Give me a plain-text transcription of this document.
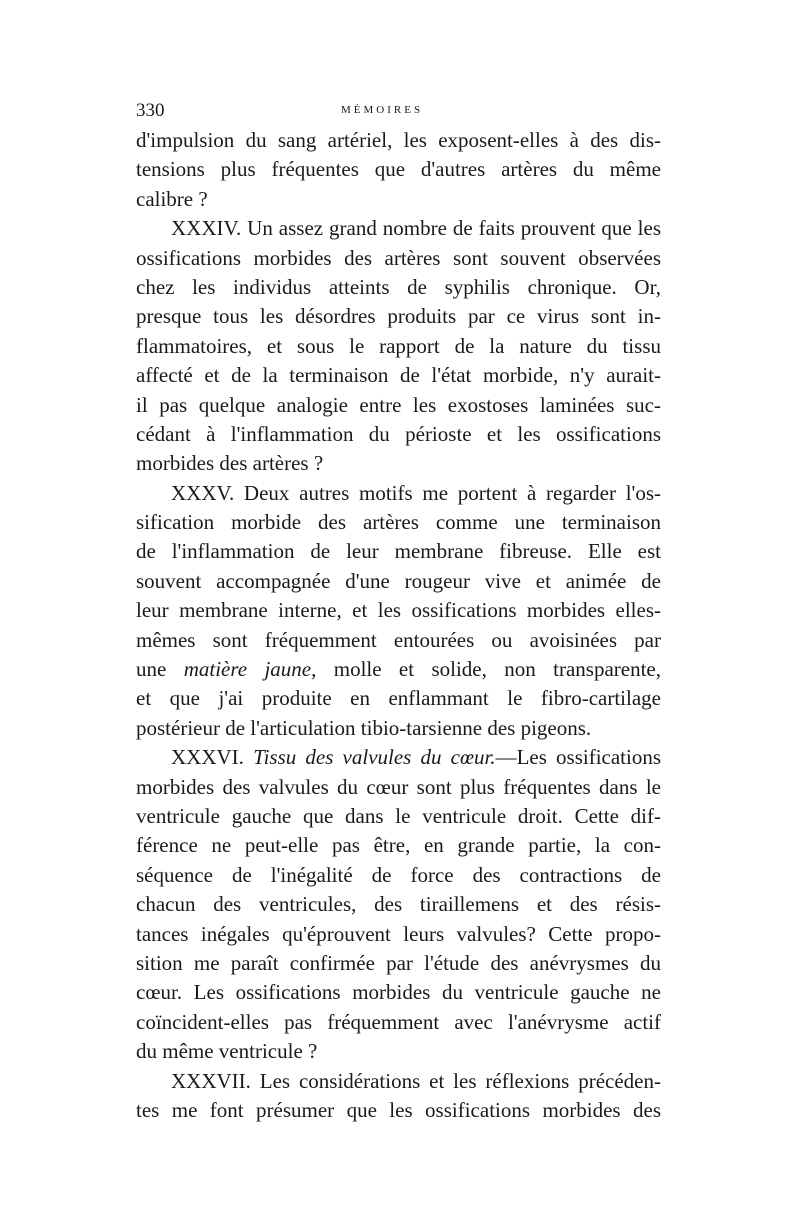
330	MÉMOIRES
d'impulsion du sang artériel, les exposent-elles à des dis-
tensions plus fréquentes que d'autres artères du même
calibre ?
XXXIV. Un assez grand nombre de faits prouvent que les
ossifications morbides des artères sont souvent observées
chez les individus atteints de syphilis chronique. Or,
presque tous les désordres produits par ce virus sont in-
flammatoires, et sous le rapport de la nature du tissu
affecté et de la terminaison de l'état morbide, n'y aurait-
il pas quelque analogie entre les exostoses laminées suc-
cédant à l'inflammation du périoste et les ossifications
morbides des artères ?
XXXV. Deux autres motifs me portent à regarder l'os-
sification morbide des artères comme une terminaison
de l'inflammation de leur membrane fibreuse. Elle est
souvent accompagnée d'une rougeur vive et animée de
leur membrane interne, et les ossifications morbides elles-
mêmes sont fréquemment entourées ou avoisinées par
une matière jaune, molle et solide, non transparente,
et que j'ai produite en enflammant le fibro-cartilage
postérieur de l'articulation tibio-tarsienne des pigeons.
XXXVI. Tissu des valvules du cœur.—Les ossifications
morbides des valvules du cœur sont plus fréquentes dans le
ventricule gauche que dans le ventricule droit. Cette dif-
férence ne peut-elle pas être, en grande partie, la con-
séquence de l'inégalité de force des contractions de
chacun des ventricules, des tiraillemens et des résis-
tances inégales qu'éprouvent leurs valvules? Cette propo-
sition me paraît confirmée par l'étude des anévrysmes du
cœur. Les ossifications morbides du ventricule gauche ne
coïncident-elles pas fréquemment avec l'anévrysme actif
du même ventricule ?
XXXVII. Les considérations et les réflexions précéden-
tes me font présumer que les ossifications morbides des
